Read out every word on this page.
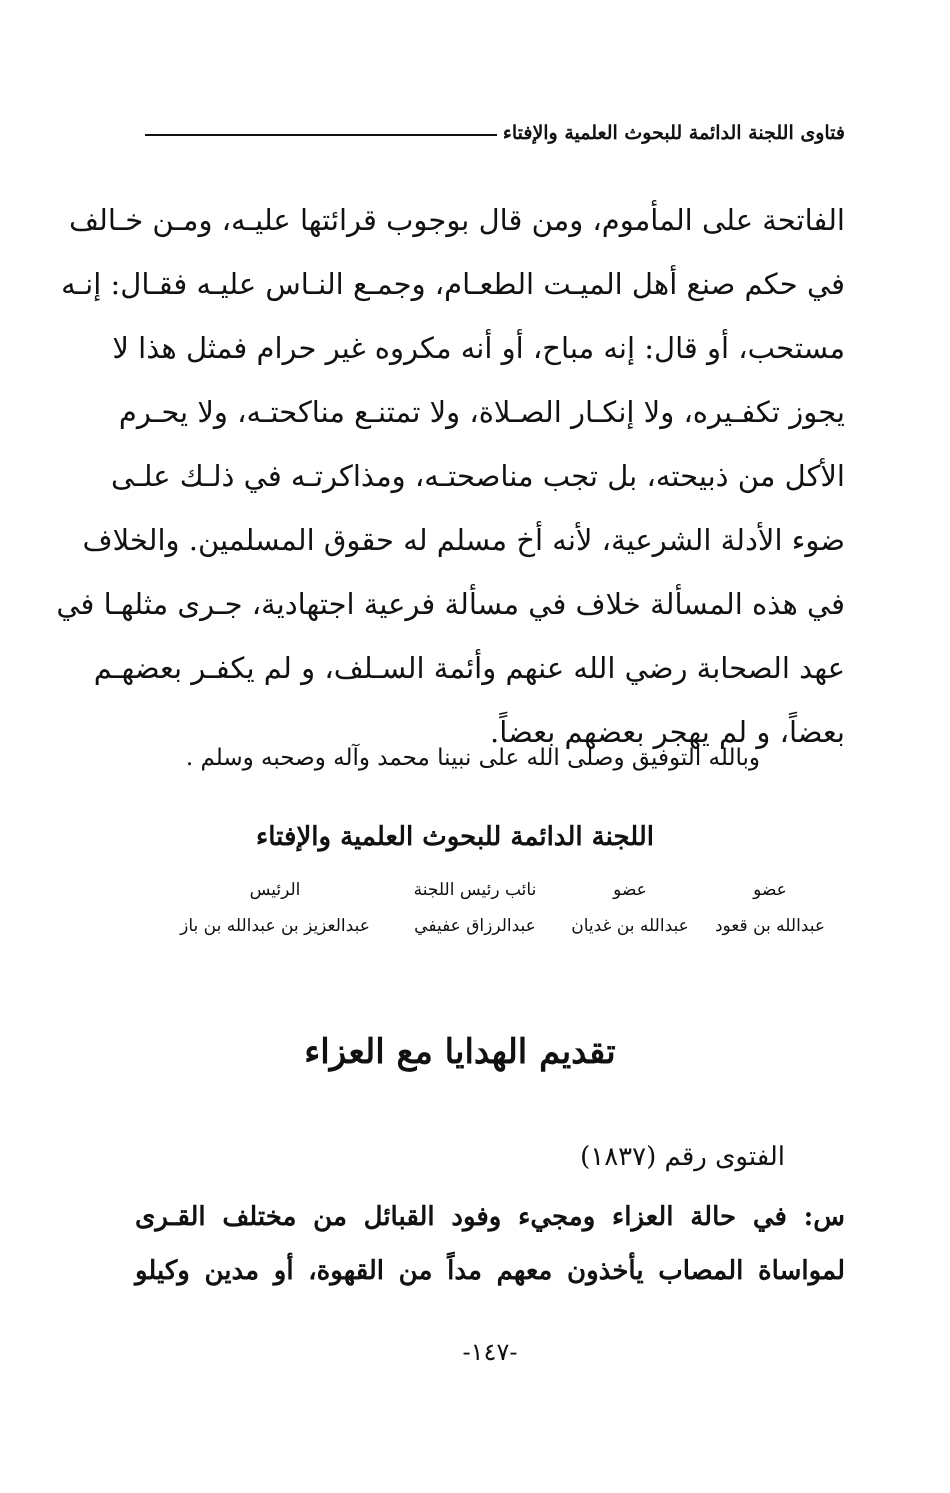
فتاوى اللجنة الدائمة للبحوث العلمية والإفتاء
الفاتحة على المأموم، ومن قال بوجوب قرائتها عليـه، ومـن خـالف
في حكم صنع أهل الميـت الطعـام، وجمـع النـاس عليـه فقـال: إنـه
مستحب، أو قال: إنه مباح، أو أنه مكروه غير حرام فمثل هذا لا
يجوز تكفـيره، ولا إنكـار الصـلاة، ولا تمتنـع مناكحتـه، ولا يحـرم
الأكل من ذبيحته، بل تجب مناصحتـه، ومذاكرتـه في ذلـك علـى
ضوء الأدلة الشرعية، لأنه أخ مسلم له حقوق المسلمين. والخلاف
في هذه المسألة خلاف في مسألة فرعية اجتهادية، جـرى مثلهـا في
عهد الصحابة رضي الله عنهم وأئمة السـلف، و لم يكفـر بعضهـم
بعضاً، و لم يهجر بعضهم بعضاً.
وبالله التوفيق وصلى الله على نبينا محمد وآله وصحبه وسلم .
اللجنة الدائمة للبحوث العلمية والإفتاء
عضو
عبدالله بن قعود
عضو
عبدالله بن غديان
نائب رئيس اللجنة
عبدالرزاق عفيفي
الرئيس
عبدالعزيز بن عبدالله بن باز
تقديم الهدايا مع العزاء
الفتوى رقم (١٨٣٧)
س: في حالة العزاء ومجيء وفود القبائل من مختلف القـرى
لمواساة المصاب يأخذون معهم مداً من القهوة، أو مدين وكيلو
-١٤٧-
